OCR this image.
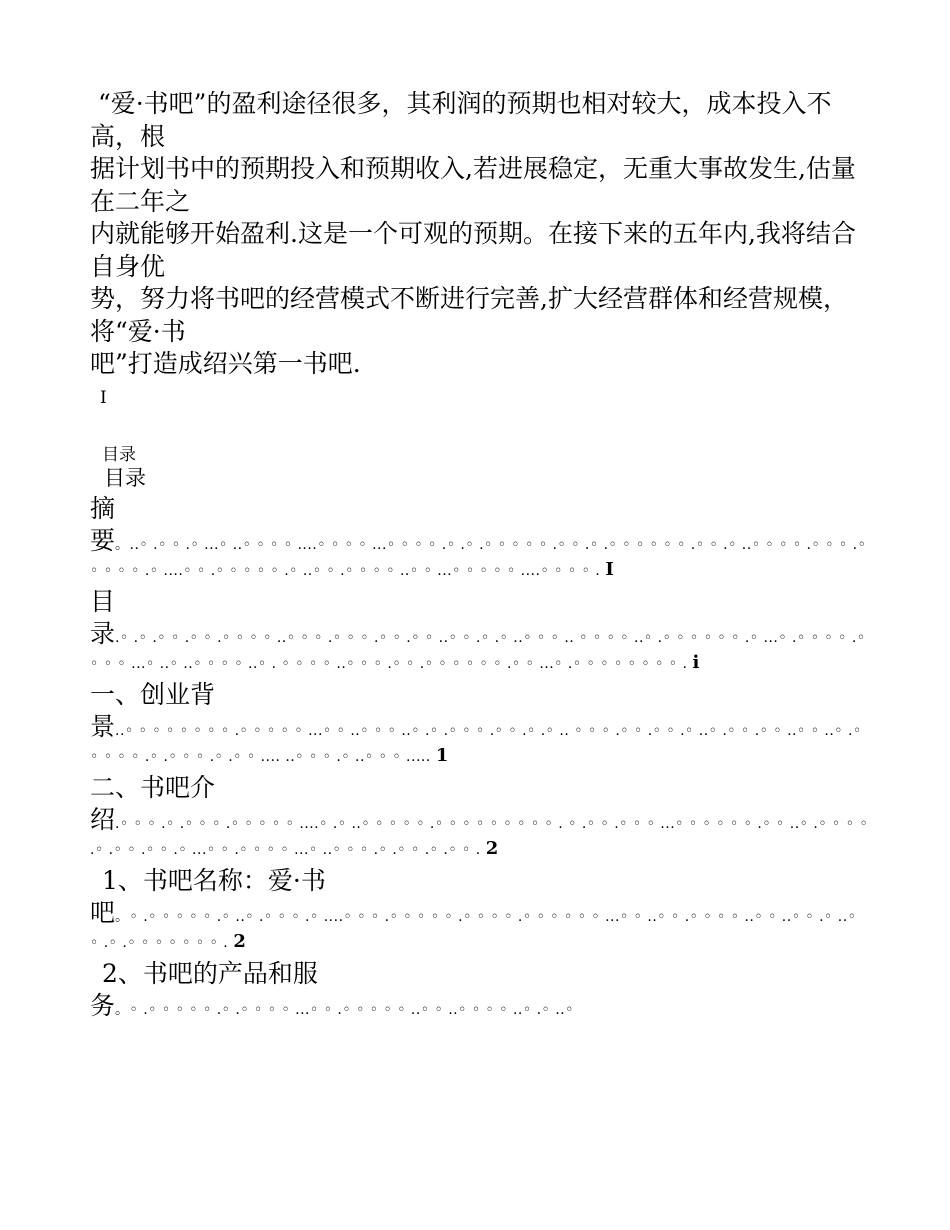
“爱·书吧”的盈利途径很多，其利润的预期也相对较大，成本投入不高，根

据计划书中的预期投入和预期收入,若进展稳定，无重大事故发生,估量在二年之

内就能够开始盈利.这是一个可观的预期。在接下来的五年内,我将结合自身优

势，努力将书吧的经营模式不断进行完善,扩大经营群体和经营规模，将“爱·书

吧”打造成绍兴第一书吧.

I
目录
目录
摘
要。..◦ .◦ ◦ .◦ ...◦ ..◦ ◦ ◦ ◦ ....◦ ◦ ◦ ◦ ...◦ ◦ ◦ ◦ .◦ .◦ .◦ ◦ ◦ ◦ ◦ .◦ ◦ .◦ .◦ ◦ ◦ ◦ ◦ ◦ .◦ ◦ .◦ ..◦ ◦ ◦ ◦ .◦ ◦ ◦ .◦ ◦ ◦ ◦ ◦ .◦ ....◦ ◦ .◦ ◦ ◦ ◦ ◦ .◦ ..◦ ◦ .◦ ◦ ◦ ◦ ..◦ ◦ ...◦ ◦ ◦ ◦ ◦ ....◦ ◦ ◦ ◦ . I
目
录.◦ .◦ .◦ ◦ .◦ ◦ .◦ ◦ ◦ ◦ ..◦ ◦ ◦ .◦ ◦ ◦ .◦ ◦ .◦ ◦ ..◦ ◦ .◦ .◦ ..◦ ◦ ◦ .. ◦ ◦ ◦ ◦ ..◦ .◦ ◦ ◦ ◦ ◦ ◦ .◦ ...◦ .◦ ◦ ◦ ◦ .◦ ◦ ◦ ◦ ...◦ ..◦ ..◦ ◦ ◦ ◦ ..◦ . ◦ ◦ ◦ ◦ ..◦ ◦ ◦ .◦ ◦ .◦ ◦ ◦ ◦ ◦ ◦ .◦ ◦ ...◦ .◦ ◦ ◦ ◦ ◦ ◦ ◦ ◦ . i
一、创业背
景..◦ ◦ ◦ ◦ ◦ ◦ ◦ ◦ .◦ ◦ ◦ ◦ ◦ ...◦ ◦ ..◦ ◦ ◦ ..◦ .◦ .◦ ◦ ◦ .◦ ◦ .◦ .◦ .. ◦ ◦ ◦ .◦ ◦ .◦ ◦ .◦ ..◦ .◦ ◦ .◦ ◦ ..◦ ◦ ..◦ .◦ ◦ ◦ ◦ ◦ .◦ .◦ ◦ ◦ .◦ .◦ ◦ .... ..◦ ◦ ◦ .◦ ..◦ ◦ ◦ ..... 1
二、书吧介
绍.◦ ◦ ◦ .◦ .◦ ◦ ◦ .◦ ◦ ◦ ◦ ◦ ....◦ .◦ ..◦ ◦ ◦ ◦ ◦ .◦ ◦ ◦ ◦ ◦ ◦ ◦ ◦ ◦ . ◦ .◦ ◦ .◦ ◦ ◦ ...◦ ◦ ◦ ◦ ◦ ◦ .◦ ◦ ..◦ .◦ ◦ ◦ ◦ .◦ .◦ ◦ .◦ ◦ .◦ ...◦ ◦ .◦ ◦ ◦ ◦ ...◦ ..◦ ◦ ◦ .◦ .◦ ◦ .◦ .◦ ◦ . 2
1、书吧名称：爱·书
吧。◦ .◦ ◦ ◦ ◦ ◦ .◦ ..◦ .◦ ◦ ◦ .◦ ....◦ ◦ ◦ .◦ ◦ ◦ ◦ ◦ .◦ ◦ ◦ ◦ .◦ ◦ ◦ ◦ ◦ ◦ ...◦ ◦ ..◦ ◦ .◦ ◦ ◦ ◦ ..◦ ◦ ..◦ ◦ .◦ ..◦ ◦ .◦ .◦ ◦ ◦ ◦ ◦ ◦ ◦ . 2
2、书吧的产品和服
务。◦ .◦ ◦ ◦ ◦ ◦ .◦ .◦ ◦ ◦ ◦ ...◦ ◦ .◦ ◦ ◦ ◦ ◦ ..◦ ◦ ..◦ ◦ ◦ ◦ ..◦ .◦ ..◦
